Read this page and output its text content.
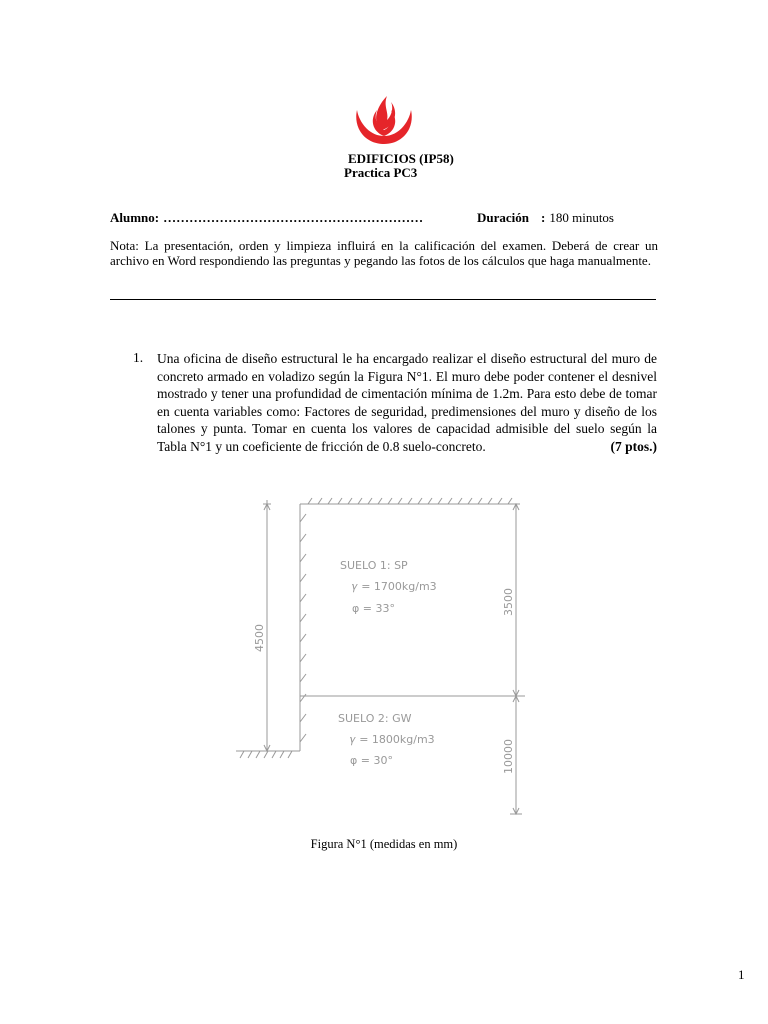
EDIFICIOS (IP58)
Practica PC3
Alumno: ……………………………………………………	Duración : 180 minutos
Nota: La presentación, orden y limpieza influirá en la calificación del examen. Deberá de crear un archivo en Word respondiendo las preguntas y pegando las fotos de los cálculos que haga manualmente.
1. Una oficina de diseño estructural le ha encargado realizar el diseño estructural del muro de concreto armado en voladizo según la Figura N°1. El muro debe poder contener el desnivel mostrado y tener una profundidad de cimentación mínima de 1.2m. Para esto debe de tomar en cuenta variables como: Factores de seguridad, predimensiones del muro y diseño de los talones y punta. Tomar en cuenta los valores de capacidad admisible del suelo según la Tabla N°1 y un coeficiente de fricción de 0.8 suelo-concreto.	(7 ptos.)
4500
3500
10000
SUELO 1: SP
𝛾 = 1700kg/m3
φ = 33°
SUELO 2: GW
𝛾 = 1800kg/m3
φ = 30°
Figura N°1 (medidas en mm)
1
